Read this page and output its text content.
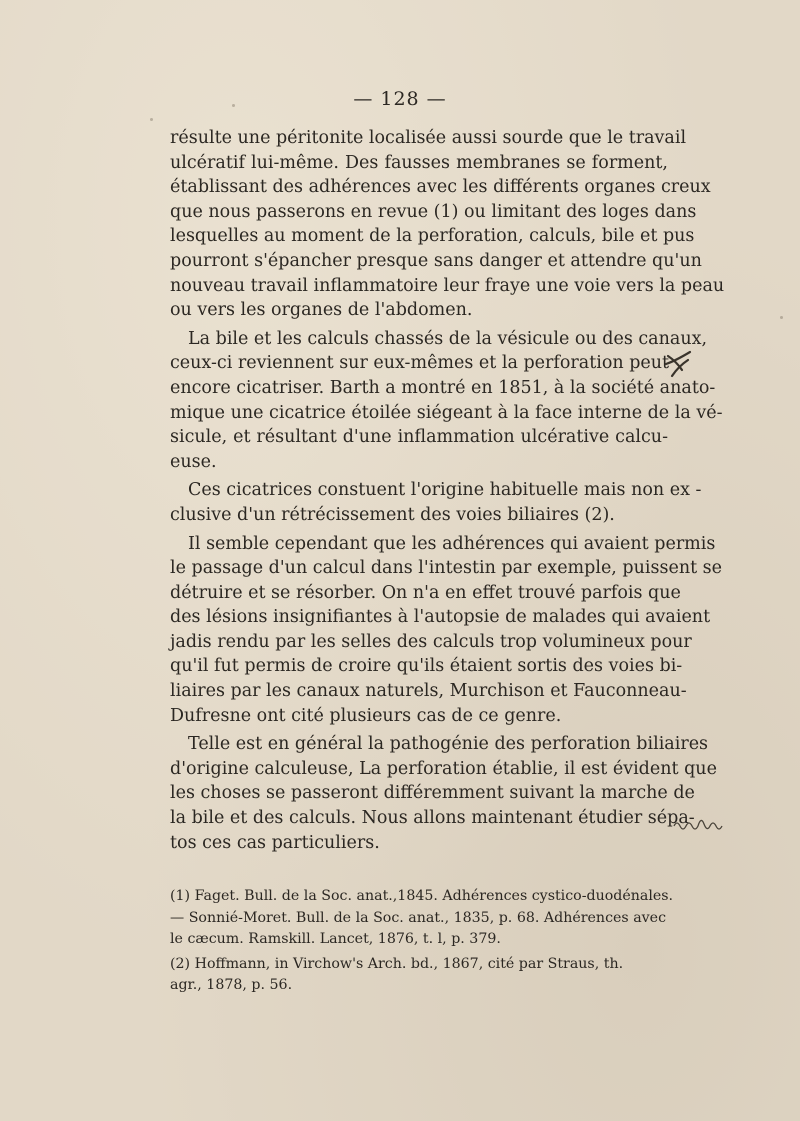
— 128 —
résulte une péritonite localisée aussi sourde que le travail
ulcératif lui-même. Des fausses membranes se forment,
établissant des adhérences avec les différents organes creux
que nous passerons en revue (1) ou limitant des loges dans
lesquelles au moment de la perforation, calculs, bile et pus
pourront s'épancher presque sans danger et attendre qu'un
nouveau travail inflammatoire leur fraye une voie vers la peau
ou vers les organes de l'abdomen.
La bile et les calculs chassés de la vésicule ou des canaux,
ceux-ci reviennent sur eux-mêmes et la perforation peut
encore cicatriser. Barth a montré en 1851, à la société anato-
mique une cicatrice étoilée siégeant à la face interne de la vé-
sicule, et résultant d'une inflammation ulcérative calcu-
euse.
Ces cicatrices constuent l'origine habituelle mais non ex -
clusive d'un rétrécissement des voies biliaires (2).
Il semble cependant que les adhérences qui avaient permis
le passage d'un calcul dans l'intestin par exemple, puissent se
détruire et se résorber. On n'a en effet trouvé parfois que
des lésions insignifiantes à l'autopsie de malades qui avaient
jadis rendu par les selles des calculs trop volumineux pour
qu'il fut permis de croire qu'ils étaient sortis des voies bi-
liaires par les canaux naturels, Murchison et Fauconneau-
Dufresne ont cité plusieurs cas de ce genre.
Telle est en général la pathogénie des perforation biliaires
d'origine calculeuse, La perforation établie, il est évident que
les choses se passeront différemment suivant la marche de
la bile et des calculs. Nous allons maintenant étudier sépa-
tos ces cas particuliers.
(1) Faget. Bull. de la Soc. anat.,1845. Adhérences cystico-duodénales.
— Sonnié-Moret. Bull. de la Soc. anat., 1835, p. 68. Adhérences avec
le cæcum. Ramskill. Lancet, 1876, t. l, p. 379.
(2) Hoffmann, in Virchow's Arch. bd., 1867, cité par Straus, th.
agr., 1878, p. 56.
